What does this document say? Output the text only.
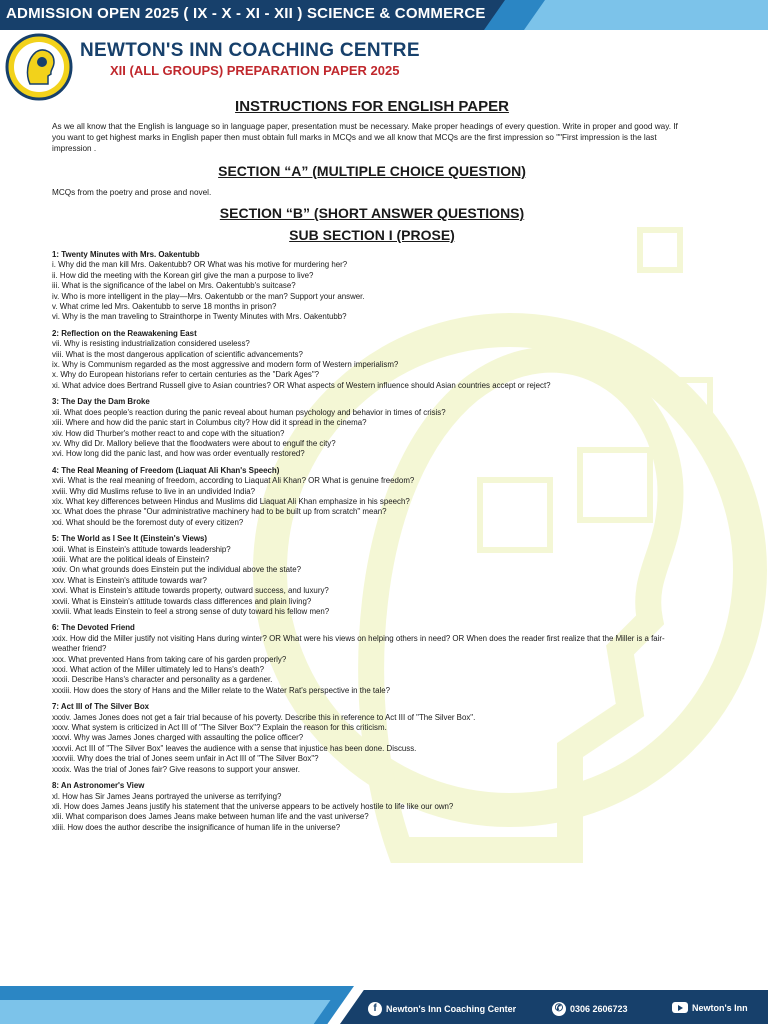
ADMISSION OPEN 2025 ( IX - X - XI - XII ) SCIENCE & COMMERCE
NEWTON'S INN COACHING CENTRE
XII (ALL GROUPS) PREPARATION PAPER 2025
INSTRUCTIONS FOR ENGLISH PAPER

As we all know that the English is language so in language paper, presentation must be necessary. Make proper headings of every question. Write in proper and good way. If you want to get highest marks in English paper then must obtain full marks in MCQs and we all know that MCQs are the first impression so ""First impression is the last impression .

SECTION “A” (MULTIPLE CHOICE QUESTION)

MCQs from the poetry and prose and novel.

SECTION “B” (SHORT ANSWER QUESTIONS)
SUB SECTION I (PROSE)
1: Twenty Minutes with Mrs. Oakentubb
i. Why did the man kill Mrs. Oakentubb? OR What was his motive for murdering her?
ii. How did the meeting with the Korean girl give the man a purpose to live?
iii. What is the significance of the label on Mrs. Oakentubb's suitcase?
iv. Who is more intelligent in the play—Mrs. Oakentubb or the man? Support your answer.
v. What crime led Mrs. Oakentubb to serve 18 months in prison?
vi. Why is the man traveling to Strainthorpe in Twenty Minutes with Mrs. Oakentubb?
2: Reflection on the Reawakening East
vii. Why is resisting industrialization considered useless?
viii. What is the most dangerous application of scientific advancements?
ix. Why is Communism regarded as the most aggressive and modern form of Western imperialism?
x. Why do European historians refer to certain centuries as the "Dark Ages"?
xi. What advice does Bertrand Russell give to Asian countries? OR What aspects of Western influence should Asian countries accept or reject?
3: The Day the Dam Broke
xii. What does people's reaction during the panic reveal about human psychology and behavior in times of crisis?
xiii. Where and how did the panic start in Columbus city? How did it spread in the cinema?
xiv. How did Thurber's mother react to and cope with the situation?
xv. Why did Dr. Mallory believe that the floodwaters were about to engulf the city?
xvi. How long did the panic last, and how was order eventually restored?
4: The Real Meaning of Freedom (Liaquat Ali Khan's Speech)
xvii. What is the real meaning of freedom, according to Liaquat Ali Khan? OR What is genuine freedom?
xviii. Why did Muslims refuse to live in an undivided India?
xix. What key differences between Hindus and Muslims did Liaquat Ali Khan emphasize in his speech?
xx. What does the phrase "Our administrative machinery had to be built up from scratch" mean?
xxi. What should be the foremost duty of every citizen?
5: The World as I See It (Einstein's Views)
xxii. What is Einstein's attitude towards leadership?
xxiii. What are the political ideals of Einstein?
xxiv. On what grounds does Einstein put the individual above the state?
xxv. What is Einstein's attitude towards war?
xxvi. What is Einstein's attitude towards property, outward success, and luxury?
xxvii. What is Einstein's attitude towards class differences and plain living?
xxviii. What leads Einstein to feel a strong sense of duty toward his fellow men?
6: The Devoted Friend
xxix. How did the Miller justify not visiting Hans during winter? OR What were his views on helping others in need? OR When does the reader first realize that the Miller is a fair-weather friend?
xxx. What prevented Hans from taking care of his garden properly?
xxxi. What action of the Miller ultimately led to Hans's death?
xxxii. Describe Hans's character and personality as a gardener.
xxxiii. How does the story of Hans and the Miller relate to the Water Rat's perspective in the tale?
7: Act III of The Silver Box
xxxiv. James Jones does not get a fair trial because of his poverty. Describe this in reference to Act III of "The Silver Box".
xxxv. What system is criticized in Act III of "The Silver Box"? Explain the reason for this criticism.
xxxvi. Why was James Jones charged with assaulting the police officer?
xxxvii. Act III of "The Silver Box" leaves the audience with a sense that injustice has been done. Discuss.
xxxviii. Why does the trial of Jones seem unfair in Act III of "The Silver Box"?
xxxix. Was the trial of Jones fair? Give reasons to support your answer.
8: An Astronomer's View
xl. How has Sir James Jeans portrayed the universe as terrifying?
xli. How does James Jeans justify his statement that the universe appears to be actively hostile to life like our own?
xlii. What comparison does James Jeans make between human life and the vast universe?
xliii. How does the author describe the insignificance of human life in the universe?
f	Newton's Inn Coaching Center	✆ 0306 2606723	Newton's Inn
